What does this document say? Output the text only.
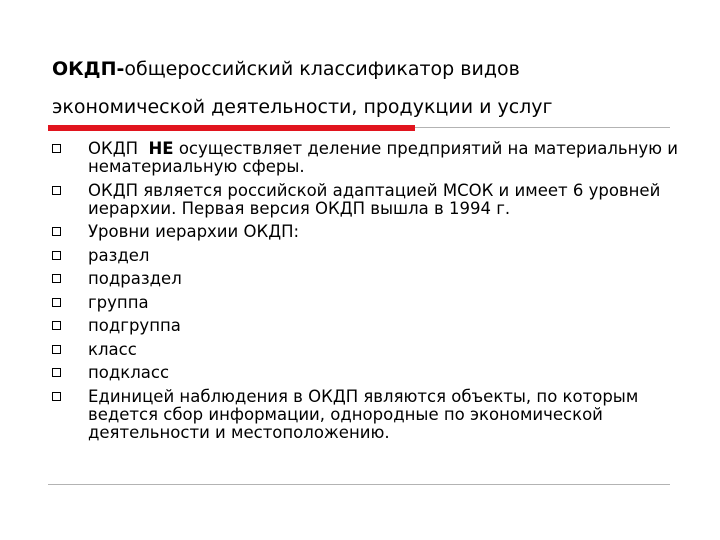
ОКДП-общероссийский классификатор видов
экономической деятельности, продукции и услуг
ОКДП  НЕ осуществляет деление предприятий на материальную и нематериальную сферы.
ОКДП является российской адаптацией МСОК и имеет 6 уровней иерархии. Первая версия ОКДП вышла в 1994 г.
Уровни иерархии ОКДП:
раздел
подраздел
группа
подгруппа
класс
подкласс
Единицей наблюдения в ОКДП являются объекты, по которым ведется сбор информации, однородные по экономической деятельности и местоположению.
